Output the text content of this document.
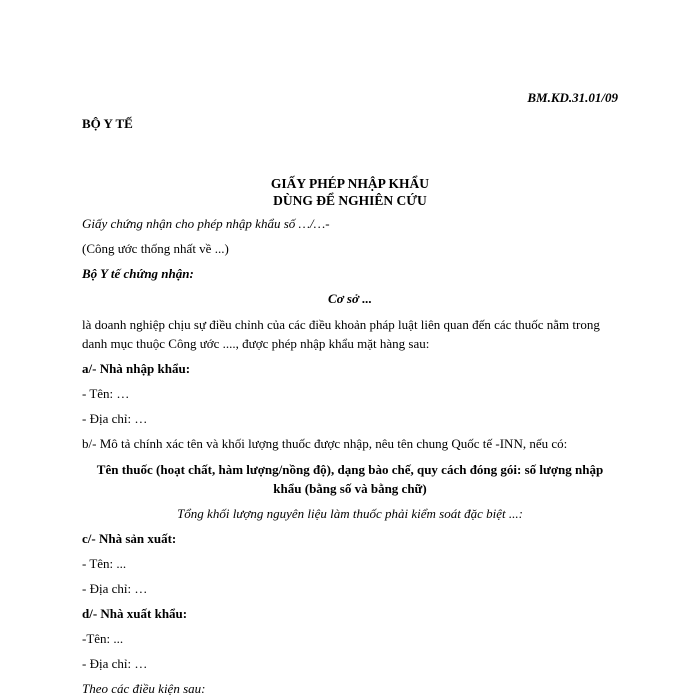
BM.KD.31.01/09
BỘ Y TẾ
GIẤY PHÉP NHẬP KHẨU
DÙNG ĐỂ NGHIÊN CỨU
Giấy chứng nhận cho phép nhập khẩu số …/…-
(Công ước thống nhất về ...)
Bộ Y tế chứng nhận:
Cơ sở ...
là doanh nghiệp chịu sự điều chỉnh của các điều khoản pháp luật liên quan đến các thuốc nằm trong danh mục thuộc Công ước ...., được phép nhập khẩu mặt hàng sau:
a/- Nhà nhập khẩu:
- Tên: …
- Địa chỉ: …
b/- Mô tả chính xác tên và khối lượng thuốc được nhập, nêu tên chung Quốc tế -INN, nếu có:
Tên thuốc (hoạt chất, hàm lượng/nồng độ), dạng bào chế, quy cách đóng gói: số lượng nhập khẩu (bằng số và bằng chữ)
Tổng khối lượng nguyên liệu làm thuốc phải kiểm soát đặc biệt ...:
c/- Nhà sản xuất:
- Tên: ...
- Địa chỉ: …
d/- Nhà xuất khẩu:
-Tên: ...
- Địa chỉ: …
Theo các điều kiện sau:
